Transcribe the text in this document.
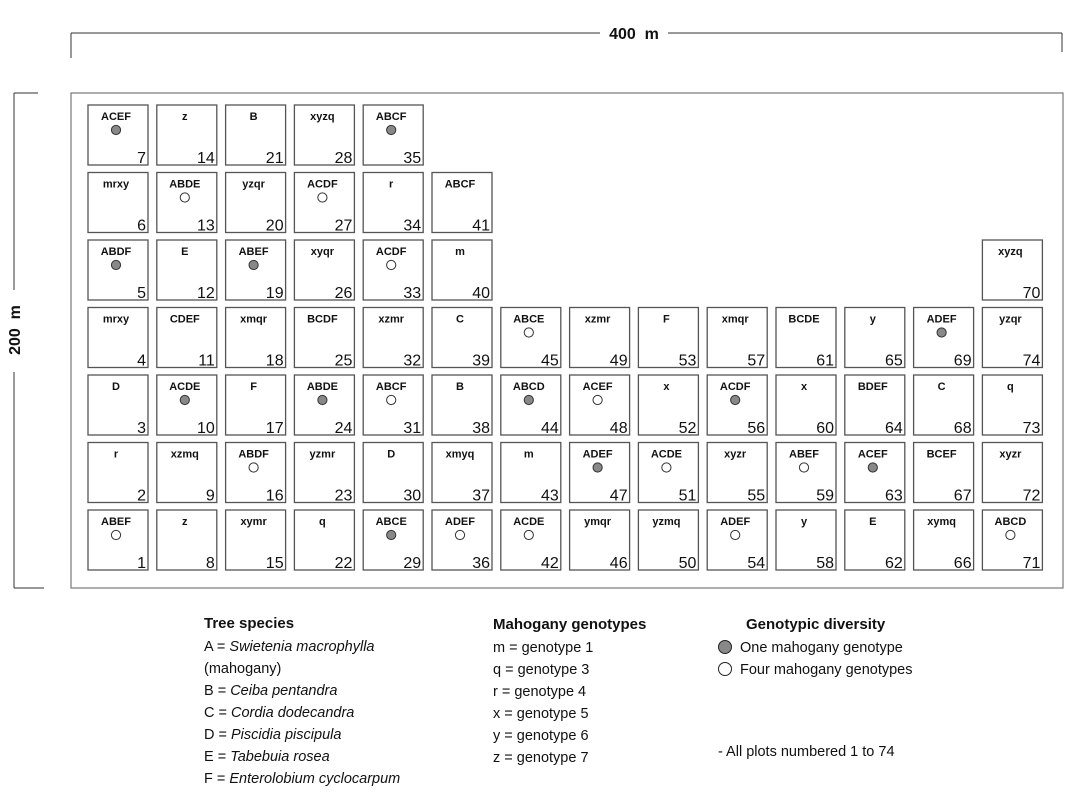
400  m
200  m
ACEF
7
z
14
B
21
xyzq
28
ABCF
35
mrxy
6
ABDE
13
yzqr
20
ACDF
27
r
34
ABCF
41
ABDF
5
E
12
ABEF
19
xyqr
26
ACDF
33
m
40
xyzq
70
mrxy
4
CDEF
11
xmqr
18
BCDF
25
xzmr
32
C
39
ABCE
45
xzmr
49
F
53
xmqr
57
BCDE
61
y
65
ADEF
69
yzqr
74
D
3
ACDE
10
F
17
ABDE
24
ABCF
31
B
38
ABCD
44
ACEF
48
x
52
ACDF
56
x
60
BDEF
64
C
68
q
73
r
2
xzmq
9
ABDF
16
yzmr
23
D
30
xmyq
37
m
43
ADEF
47
ACDE
51
xyzr
55
ABEF
59
ACEF
63
BCEF
67
xyzr
72
ABEF
1
z
8
xymr
15
q
22
ABCE
29
ADEF
36
ACDE
42
ymqr
46
yzmq
50
ADEF
54
y
58
E
62
xymq
66
ABCD
71
Tree species
A = Swietenia macrophylla
(mahogany)
B = Ceiba pentandra
C = Cordia dodecandra
D = Piscidia piscipula
E = Tabebuia rosea
F = Enterolobium cyclocarpum
Mahogany genotypes
m = genotype 1
q = genotype 3
r = genotype 4
x = genotype 5
y = genotype 6
z = genotype 7
Genotypic diversity
One mahogany genotype
Four mahogany genotypes
- All plots numbered 1 to 74
